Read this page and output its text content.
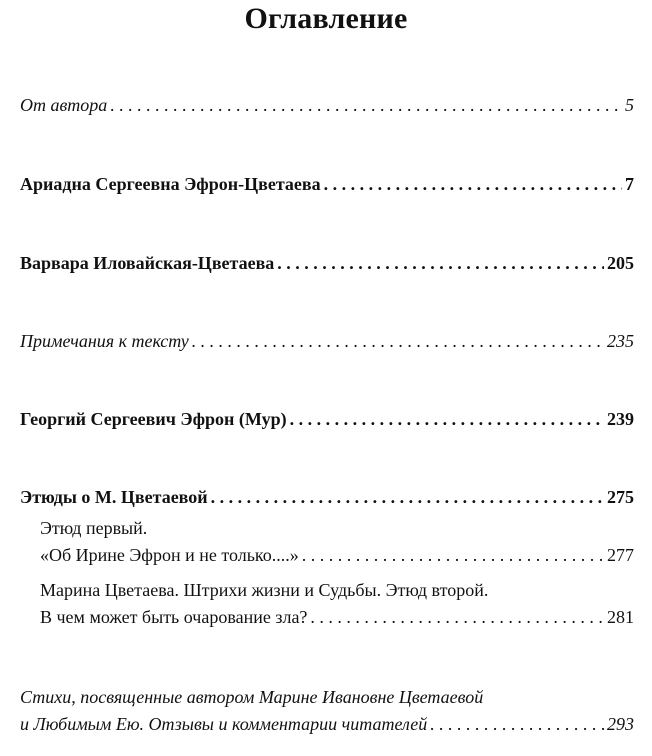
Оглавление
От автора . . .	5
Ариадна Сергеевна Эфрон-Цветаева . . .	7
Варвара Иловайская-Цветаева . . .	205
Примечания к тексту . . .	235
Георгий Сергеевич Эфрон (Мур) . . .	239
Этюды о М. Цветаевой . . .	275
Этюд первый.
«Об Ирине Эфрон и не только....» . . .	277
Марина Цветаева. Штрихи жизни и Судьбы. Этюд второй.
В чем может быть очарование зла? . . .	281
Стихи, посвященные автором Марине Ивановне Цветаевой
и Любимым Ею. Отзывы и комментарии читателей . . .	293
